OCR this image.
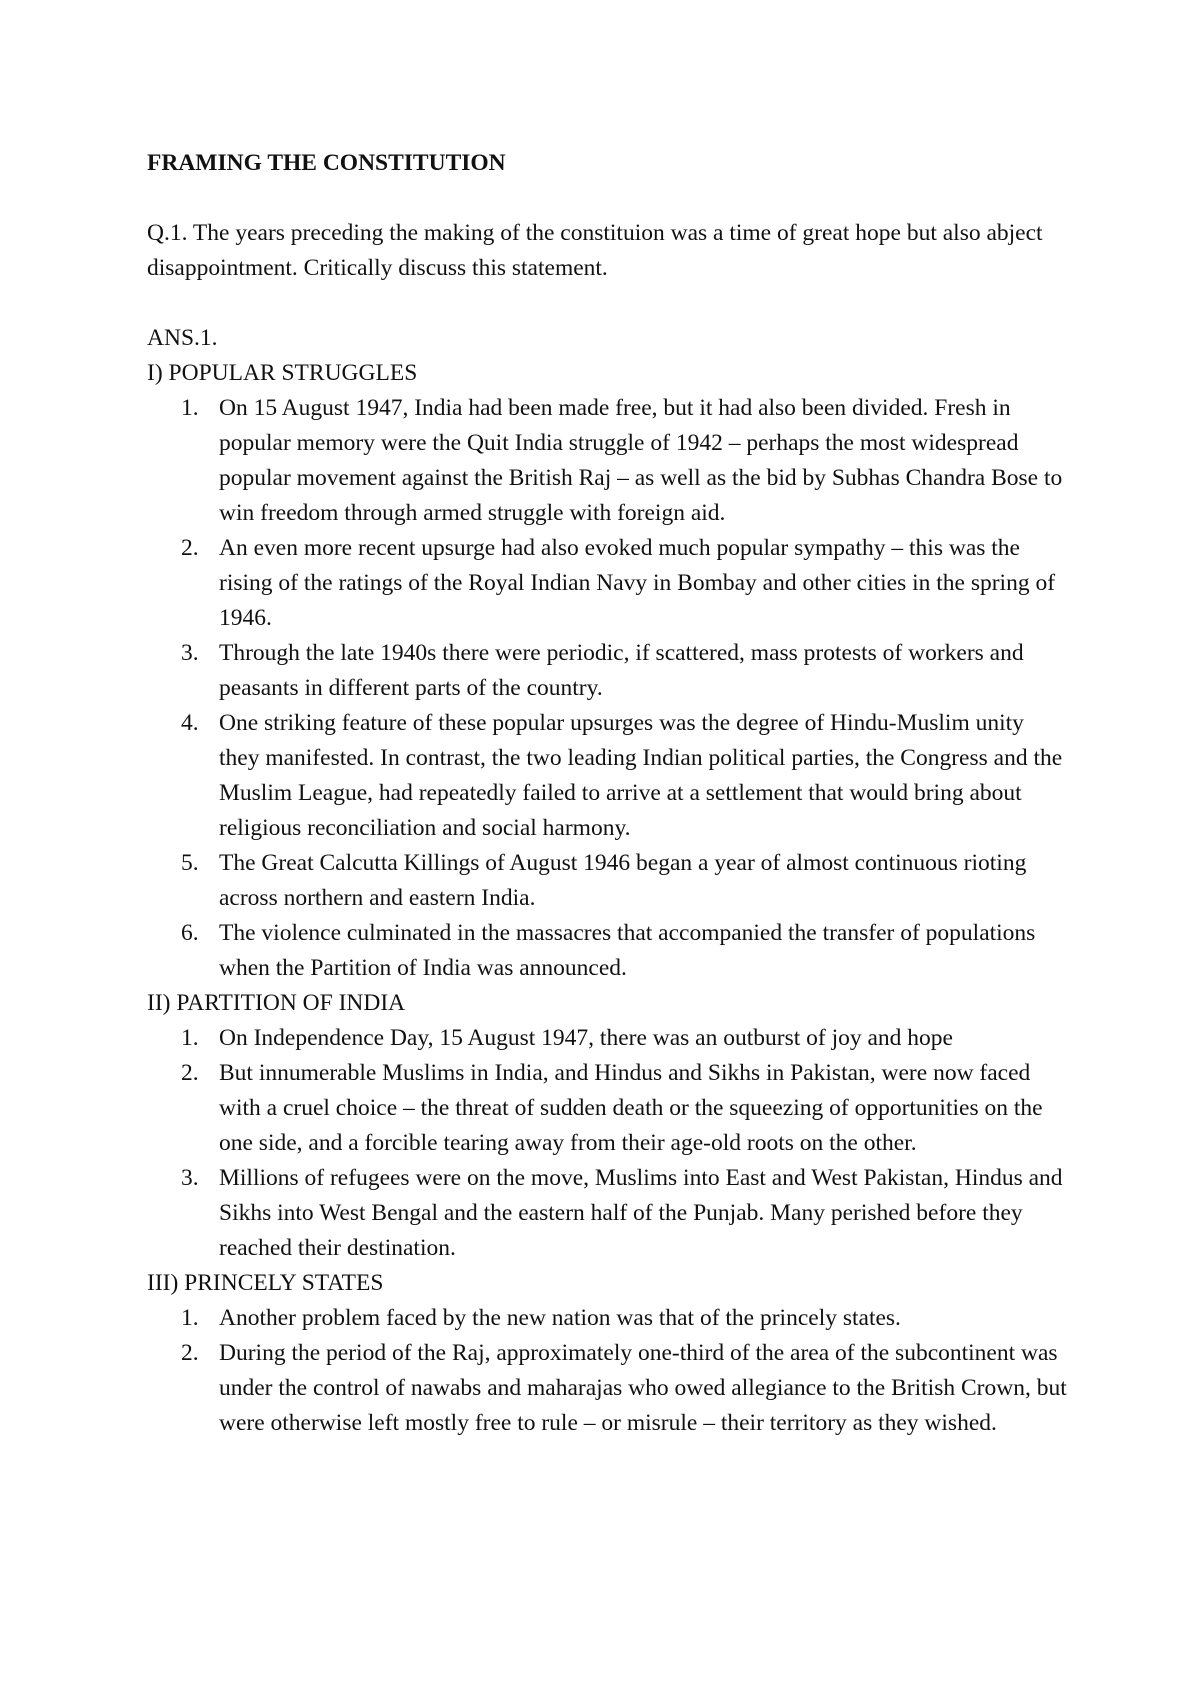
FRAMING THE CONSTITUTION
Q.1. The years preceding the making of the constituion was a time of great hope but also abject disappointment. Critically discuss this statement.
ANS.1.
I) POPULAR STRUGGLES
1. On 15 August 1947, India had been made free, but it had also been divided. Fresh in popular memory were the Quit India struggle of 1942 – perhaps the most widespread popular movement against the British Raj – as well as the bid by Subhas Chandra Bose to win freedom through armed struggle with foreign aid.
2. An even more recent upsurge had also evoked much popular sympathy – this was the rising of the ratings of the Royal Indian Navy in Bombay and other cities in the spring of 1946.
3. Through the late 1940s there were periodic, if scattered, mass protests of workers and peasants in different parts of the country.
4. One striking feature of these popular upsurges was the degree of Hindu-Muslim unity they manifested. In contrast, the two leading Indian political parties, the Congress and the Muslim League, had repeatedly failed to arrive at a settlement that would bring about religious reconciliation and social harmony.
5. The Great Calcutta Killings of August 1946 began a year of almost continuous rioting across northern and eastern India.
6. The violence culminated in the massacres that accompanied the transfer of populations when the Partition of India was announced.
II) PARTITION OF INDIA
1. On Independence Day, 15 August 1947, there was an outburst of joy and hope
2. But innumerable Muslims in India, and Hindus and Sikhs in Pakistan, were now faced with a cruel choice – the threat of sudden death or the squeezing of opportunities on the one side, and a forcible tearing away from their age-old roots on the other.
3. Millions of refugees were on the move, Muslims into East and West Pakistan, Hindus and Sikhs into West Bengal and the eastern half of the Punjab. Many perished before they reached their destination.
III) PRINCELY STATES
1. Another problem faced by the new nation was that of the princely states.
2. During the period of the Raj, approximately one-third of the area of the subcontinent was under the control of nawabs and maharajas who owed allegiance to the British Crown, but were otherwise left mostly free to rule – or misrule – their territory as they wished.
